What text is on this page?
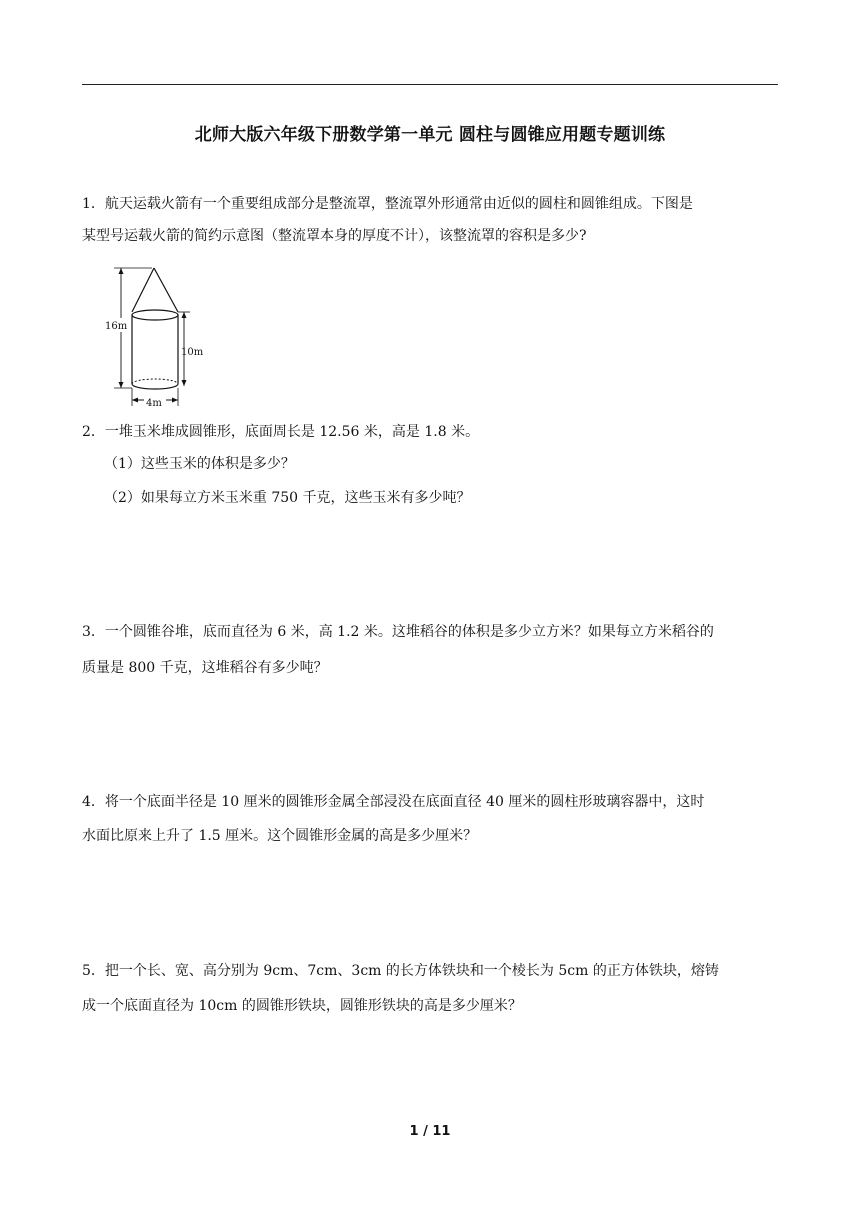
北师大版六年级下册数学第一单元 圆柱与圆锥应用题专题训练
1．航天运载火箭有一个重要组成部分是整流罩，整流罩外形通常由近似的圆柱和圆锥组成。下图是
某型号运载火箭的简约示意图（整流罩本身的厚度不计），该整流罩的容积是多少?
16m
10m
4m
2．一堆玉米堆成圆锥形，底面周长是 12.56 米，高是 1.8 米。
（1）这些玉米的体积是多少？
（2）如果每立方米玉米重 750 千克，这些玉米有多少吨？
3．一个圆锥谷堆，底而直径为 6 米，高 1.2 米。这堆稻谷的体积是多少立方米？如果每立方米稻谷的
质量是 800 千克，这堆稻谷有多少吨？
4．将一个底面半径是 10 厘米的圆锥形金属全部浸没在底面直径 40 厘米的圆柱形玻璃容器中，这时
水面比原来上升了 1.5 厘米。这个圆锥形金属的高是多少厘米？
5．把一个长、宽、高分别为 9cm、7cm、3cm 的长方体铁块和一个棱长为 5cm 的正方体铁块，熔铸
成一个底面直径为 10cm 的圆锥形铁块，圆锥形铁块的高是多少厘米？
1 / 11
